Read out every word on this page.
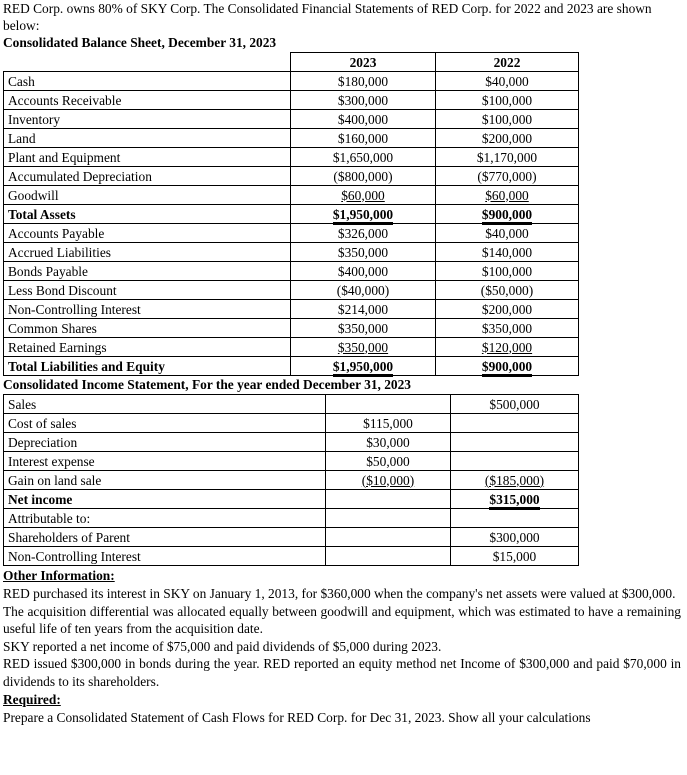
RED Corp. owns 80% of SKY Corp. The Consolidated Financial Statements of RED Corp. for 2022 and 2023 are shown below:

Consolidated Balance Sheet, December 31, 2023
	2023	2022
Cash	$180,000	$40,000
Accounts Receivable	$300,000	$100,000
Inventory	$400,000	$100,000
Land	$160,000	$200,000
Plant and Equipment	$1,650,000	$1,170,000
Accumulated Depreciation	($800,000)	($770,000)
Goodwill	$60,000	$60,000
Total Assets	$1,950,000	$900,000
Accounts Payable	$326,000	$40,000
Accrued Liabilities	$350,000	$140,000
Bonds Payable	$400,000	$100,000
Less Bond Discount	($40,000)	($50,000)
Non-Controlling Interest	$214,000	$200,000
Common Shares	$350,000	$350,000
Retained Earnings	$350,000	$120,000
Total Liabilities and Equity	$1,950,000	$900,000
Consolidated Income Statement, For the year ended December 31, 2023
Sales		$500,000
Cost of sales	$115,000	
Depreciation	$30,000	
Interest expense	$50,000	
Gain on land sale	($10,000)	($185,000)
Net income		$315,000
Attributable to:		
Shareholders of Parent		$300,000
Non-Controlling Interest		$15,000
Other Information:

RED purchased its interest in SKY on January 1, 2013, for $360,000 when the company's net assets were valued at $300,000.

The acquisition differential was allocated equally between goodwill and equipment, which was estimated to have a remaining useful life of ten years from the acquisition date.

SKY reported a net income of $75,000 and paid dividends of $5,000 during 2023.

RED issued $300,000 in bonds during the year. RED reported an equity method net Income of $300,000 and paid $70,000 in dividends to its shareholders.

Required:

Prepare a Consolidated Statement of Cash Flows for RED Corp. for Dec 31, 2023. Show all your calculations
